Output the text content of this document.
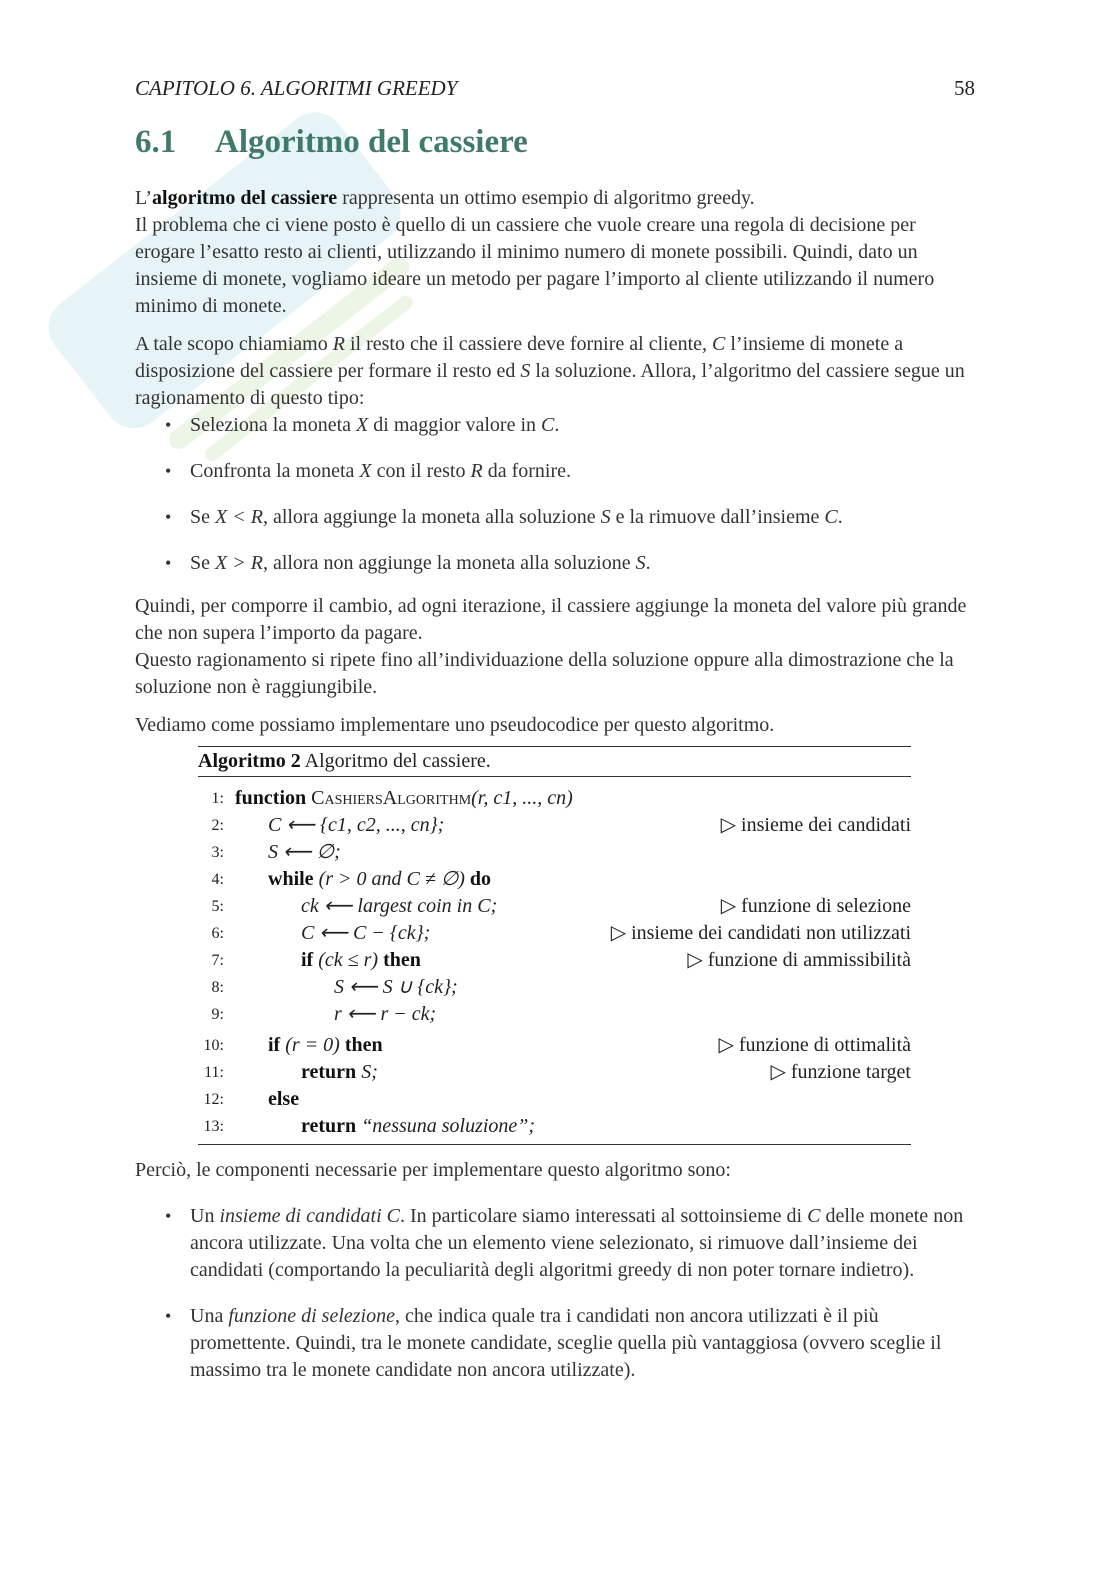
CAPITOLO 6. ALGORITMI GREEDY	58
6.1 Algoritmo del cassiere

L’algoritmo del cassiere rappresenta un ottimo esempio di algoritmo greedy.

Il problema che ci viene posto è quello di un cassiere che vuole creare una regola di decisione per erogare l’esatto resto ai clienti, utilizzando il minimo numero di monete possibili. Quindi, dato un insieme di monete, vogliamo ideare un metodo per pagare l’importo al cliente utilizzando il numero minimo di monete.

A tale scopo chiamiamo R il resto che il cassiere deve fornire al cliente, C l’insieme di monete a disposizione del cassiere per formare il resto ed S la soluzione. Allora, l’algoritmo del cassiere segue un ragionamento di questo tipo:

• Seleziona la moneta X di maggior valore in C.
• Confronta la moneta X con il resto R da fornire.
• Se X < R, allora aggiunge la moneta alla soluzione S e la rimuove dall’insieme C.
• Se X > R, allora non aggiunge la moneta alla soluzione S.

Quindi, per comporre il cambio, ad ogni iterazione, il cassiere aggiunge la moneta del valore più grande che non supera l’importo da pagare.

Questo ragionamento si ripete fino all’individuazione della soluzione oppure alla dimostrazione che la soluzione non è raggiungibile.

Vediamo come possiamo implementare uno pseudocodice per questo algoritmo.

Algoritmo 2 Algoritmo del cassiere.
1: function CashiersAlgorithm(r, c1, ..., cn)
2: C ⟵ {c1, c2, ..., cn};	▷ insieme dei candidati
3: S ⟵ ∅;
4: while (r > 0 and C ≠ ∅) do
5:	ck ⟵ largest coin in C;	▷ funzione di selezione
6:	C ⟵ C − {ck};	▷ insieme dei candidati non utilizzati
7:	if (ck ≤ r) then	▷ funzione di ammissibilità
8:	S ⟵ S ∪ {ck};
9:	r ⟵ r − ck;
10: if (r = 0) then	▷ funzione di ottimalità
11:	return S;	▷ funzione target
12: else
13:	return “nessuna soluzione”;

Perciò, le componenti necessarie per implementare questo algoritmo sono:

• Un insieme di candidati C. In particolare siamo interessati al sottoinsieme di C delle monete non ancora utilizzate. Una volta che un elemento viene selezionato, si rimuove dall’insieme dei candidati (comportando la peculiarità degli algoritmi greedy di non poter tornare indietro).
• Una funzione di selezione, che indica quale tra i candidati non ancora utilizzati è il più promettente. Quindi, tra le monete candidate, sceglie quella più vantaggiosa (ovvero sceglie il massimo tra le monete candidate non ancora utilizzate).
